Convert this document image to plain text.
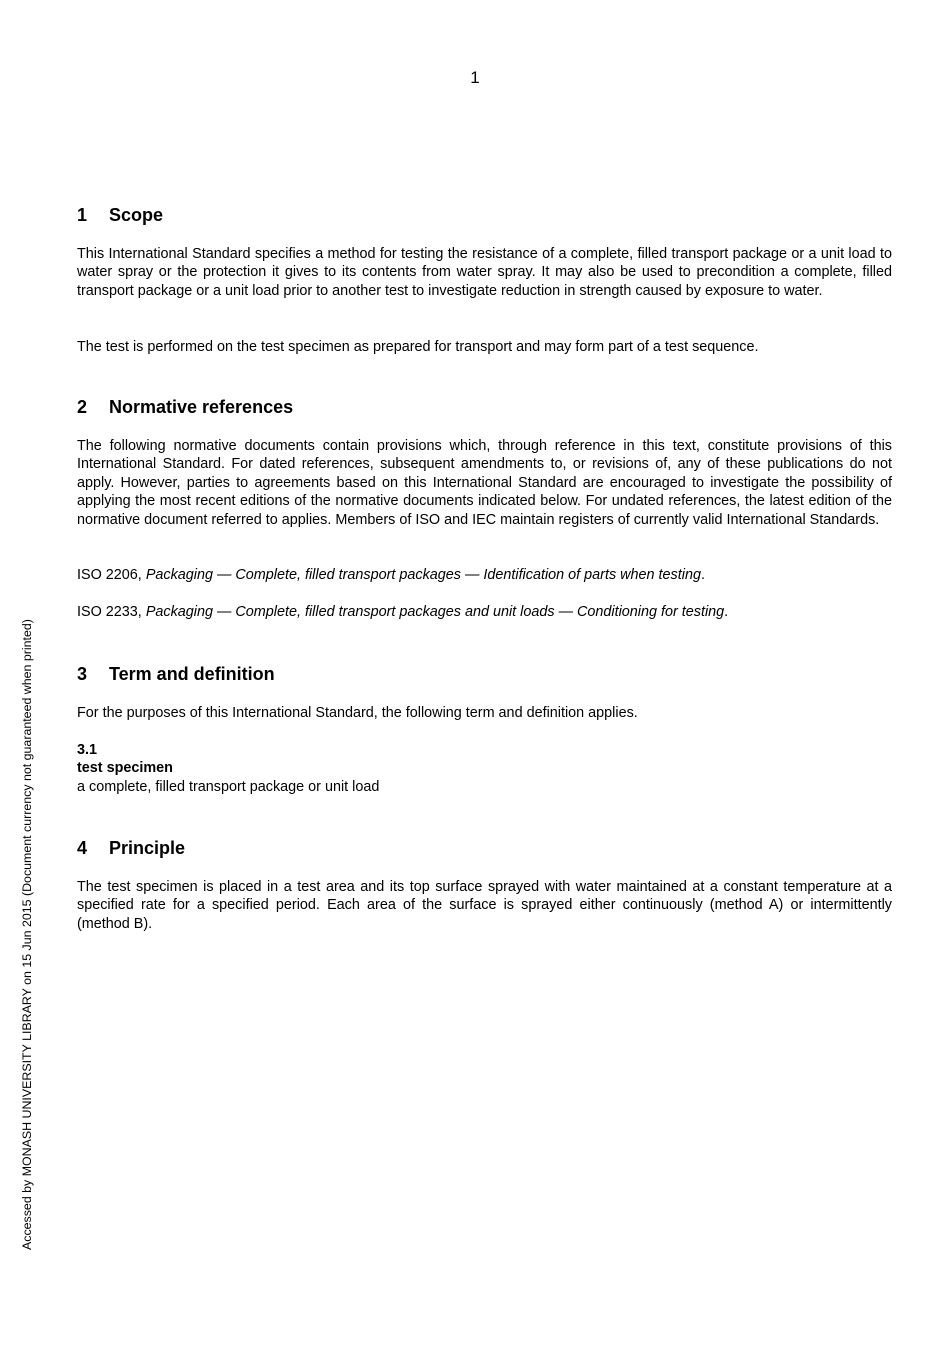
1
Accessed by MONASH UNIVERSITY LIBRARY on 15 Jun 2015 (Document currency not guaranteed when printed)
1 Scope

This International Standard specifies a method for testing the resistance of a complete, filled transport package or a unit load to water spray or the protection it gives to its contents from water spray. It may also be used to precondition a complete, filled transport package or a unit load prior to another test to investigate reduction in strength caused by exposure to water.

The test is performed on the test specimen as prepared for transport and may form part of a test sequence.

2 Normative references

The following normative documents contain provisions which, through reference in this text, constitute provisions of this International Standard. For dated references, subsequent amendments to, or revisions of, any of these publications do not apply. However, parties to agreements based on this International Standard are encouraged to investigate the possibility of applying the most recent editions of the normative documents indicated below. For undated references, the latest edition of the normative document referred to applies. Members of ISO and IEC maintain registers of currently valid International Standards.

ISO 2206, Packaging — Complete, filled transport packages — Identification of parts when testing.

ISO 2233, Packaging — Complete, filled transport packages and unit loads — Conditioning for testing.

3 Term and definition

For the purposes of this International Standard, the following term and definition applies.

3.1

test specimen

a complete, filled transport package or unit load

4 Principle

The test specimen is placed in a test area and its top surface sprayed with water maintained at a constant temperature at a specified rate for a specified period. Each area of the surface is sprayed either continuously (method A) or intermittently (method B).
